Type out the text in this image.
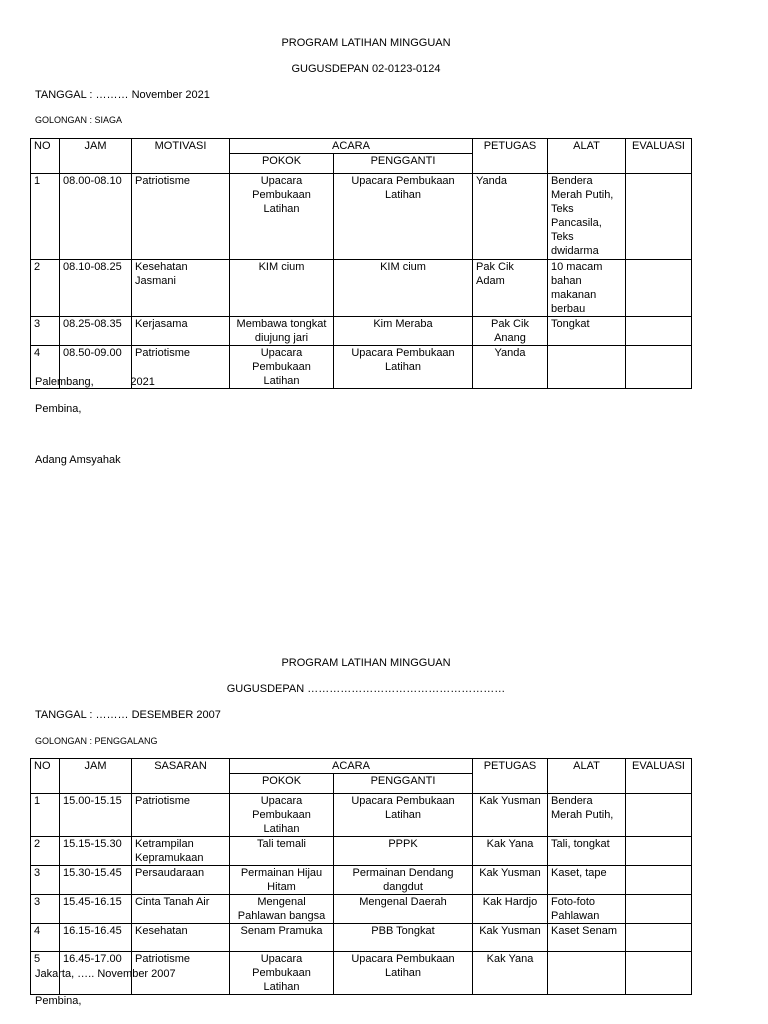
PROGRAM LATIHAN MINGGUAN
GUGUSDEPAN 02-0123-0124
TANGGAL : ……… November 2021
GOLONGAN : SIAGA
NO	JAM	MOTIVASI	ACARA		PETUGAS	ALAT	EVALUASI
			POKOK	PENGGANTI			
1	08.00-08.10	Patriotisme	Upacara Pembukaan Latihan	Upacara Pembukaan Latihan	Yanda	Bendera Merah Putih, Teks Pancasila, Teks dwidarma	
2	08.10-08.25	Kesehatan Jasmani	KIM cium	KIM cium	Pak Cik Adam	10 macam bahan makanan berbau	
3	08.25-08.35	Kerjasama	Membawa tongkat diujung jari	Kim Meraba	Pak Cik Anang	Tongkat	
4	08.50-09.00	Patriotisme	Upacara Pembukaan Latihan	Upacara Pembukaan Latihan	Yanda		
Palembang,            2021
Pembina,
Adang Amsyahak
PROGRAM LATIHAN MINGGUAN
GUGUSDEPAN ………………………………………………
TANGGAL : ……… DESEMBER 2007
GOLONGAN : PENGGALANG
NO	JAM	SASARAN	ACARA		PETUGAS	ALAT	EVALUASI
			POKOK	PENGGANTI			
1	15.00-15.15	Patriotisme	Upacara Pembukaan Latihan	Upacara Pembukaan Latihan	Kak Yusman	Bendera Merah Putih,	
2	15.15-15.30	Ketrampilan Kepramukaan	Tali temali	PPPK	Kak Yana	Tali, tongkat	
3	15.30-15.45	Persaudaraan	Permainan Hijau Hitam	Permainan Dendang dangdut	Kak Yusman	Kaset, tape	
3	15.45-16.15	Cinta Tanah Air	Mengenal Pahlawan bangsa	Mengenal Daerah	Kak Hardjo	Foto-foto Pahlawan	
4	16.15-16.45	Kesehatan	Senam Pramuka	PBB Tongkat	Kak Yusman	Kaset Senam	
5	16.45-17.00	Patriotisme	Upacara Pembukaan Latihan	Upacara Pembukaan Latihan	Kak Yana		
Jakarta, ….. November 2007
Pembina,
